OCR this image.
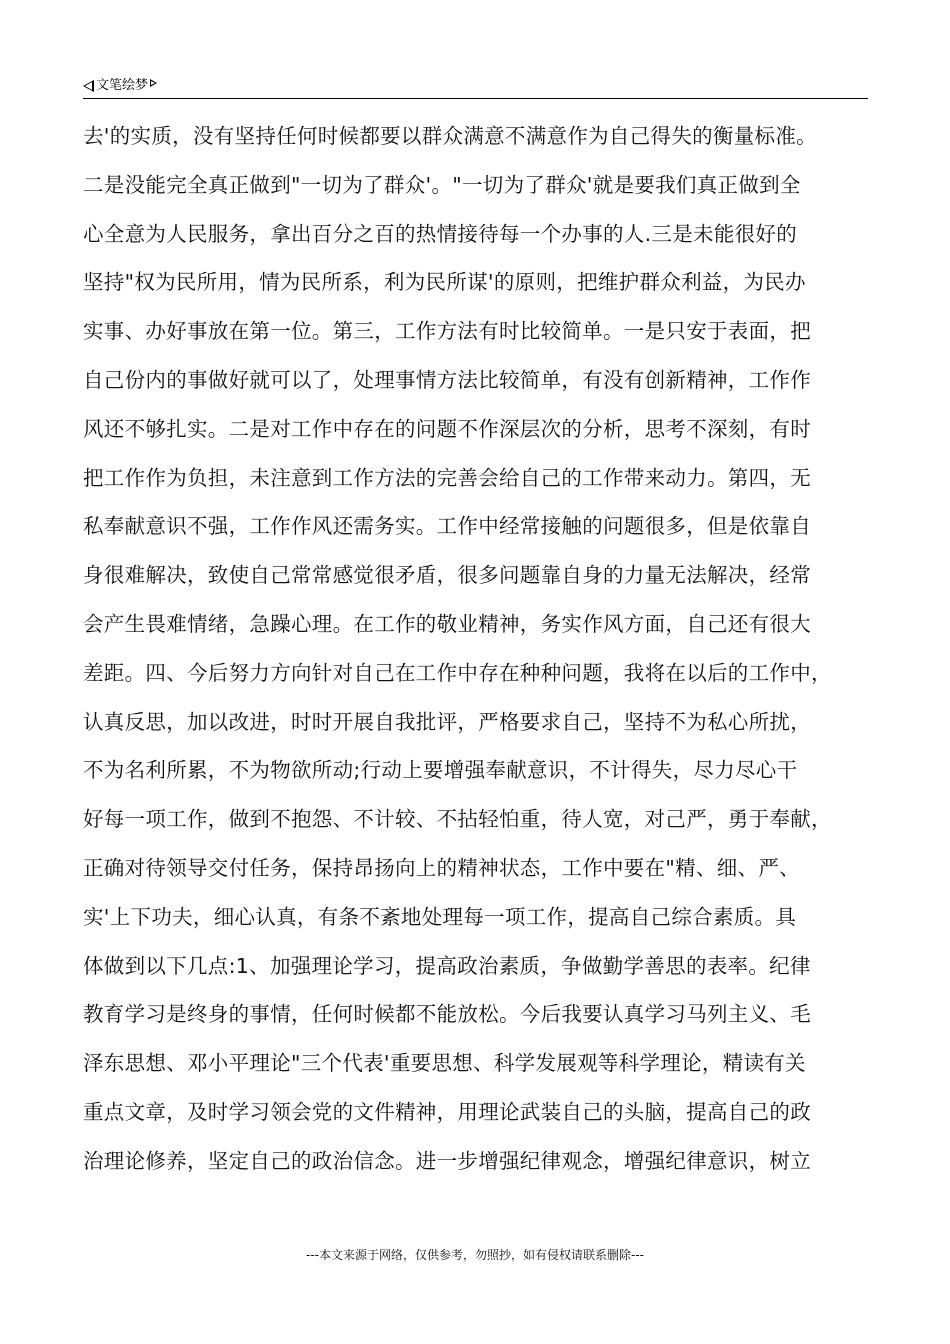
文笔绘梦
去'的实质，没有坚持任何时候都要以群众满意不满意作为自己得失的衡量标准。
二是没能完全真正做到"一切为了群众'。"一切为了群众'就是要我们真正做到全
心全意为人民服务，拿出百分之百的热情接待每一个办事的人.三是未能很好的
坚持"权为民所用，情为民所系，利为民所谋'的原则，把维护群众利益，为民办
实事、办好事放在第一位。第三，工作方法有时比较简单。一是只安于表面，把
自己份内的事做好就可以了，处理事情方法比较简单，有没有创新精神，工作作
风还不够扎实。二是对工作中存在的问题不作深层次的分析，思考不深刻，有时
把工作作为负担，未注意到工作方法的完善会给自己的工作带来动力。第四，无
私奉献意识不强，工作作风还需务实。工作中经常接触的问题很多，但是依靠自
身很难解决，致使自己常常感觉很矛盾，很多问题靠自身的力量无法解决，经常
会产生畏难情绪，急躁心理。在工作的敬业精神，务实作风方面，自己还有很大
差距。四、今后努力方向针对自己在工作中存在种种问题，我将在以后的工作中，
认真反思，加以改进，时时开展自我批评，严格要求自己，坚持不为私心所扰，
不为名利所累，不为物欲所动;行动上要增强奉献意识，不计得失，尽力尽心干
好每一项工作，做到不抱怨、不计较、不拈轻怕重，待人宽，对己严，勇于奉献，
正确对待领导交付任务，保持昂扬向上的精神状态，工作中要在"精、细、严、
实'上下功夫，细心认真，有条不紊地处理每一项工作，提高自己综合素质。具
体做到以下几点:1、加强理论学习，提高政治素质，争做勤学善思的表率。纪律
教育学习是终身的事情，任何时候都不能放松。今后我要认真学习马列主义、毛
泽东思想、邓小平理论"三个代表'重要思想、科学发展观等科学理论，精读有关
重点文章，及时学习领会党的文件精神，用理论武装自己的头脑，提高自己的政
治理论修养，坚定自己的政治信念。进一步增强纪律观念，增强纪律意识，树立
---本文来源于网络，仅供参考，勿照抄，如有侵权请联系删除---
